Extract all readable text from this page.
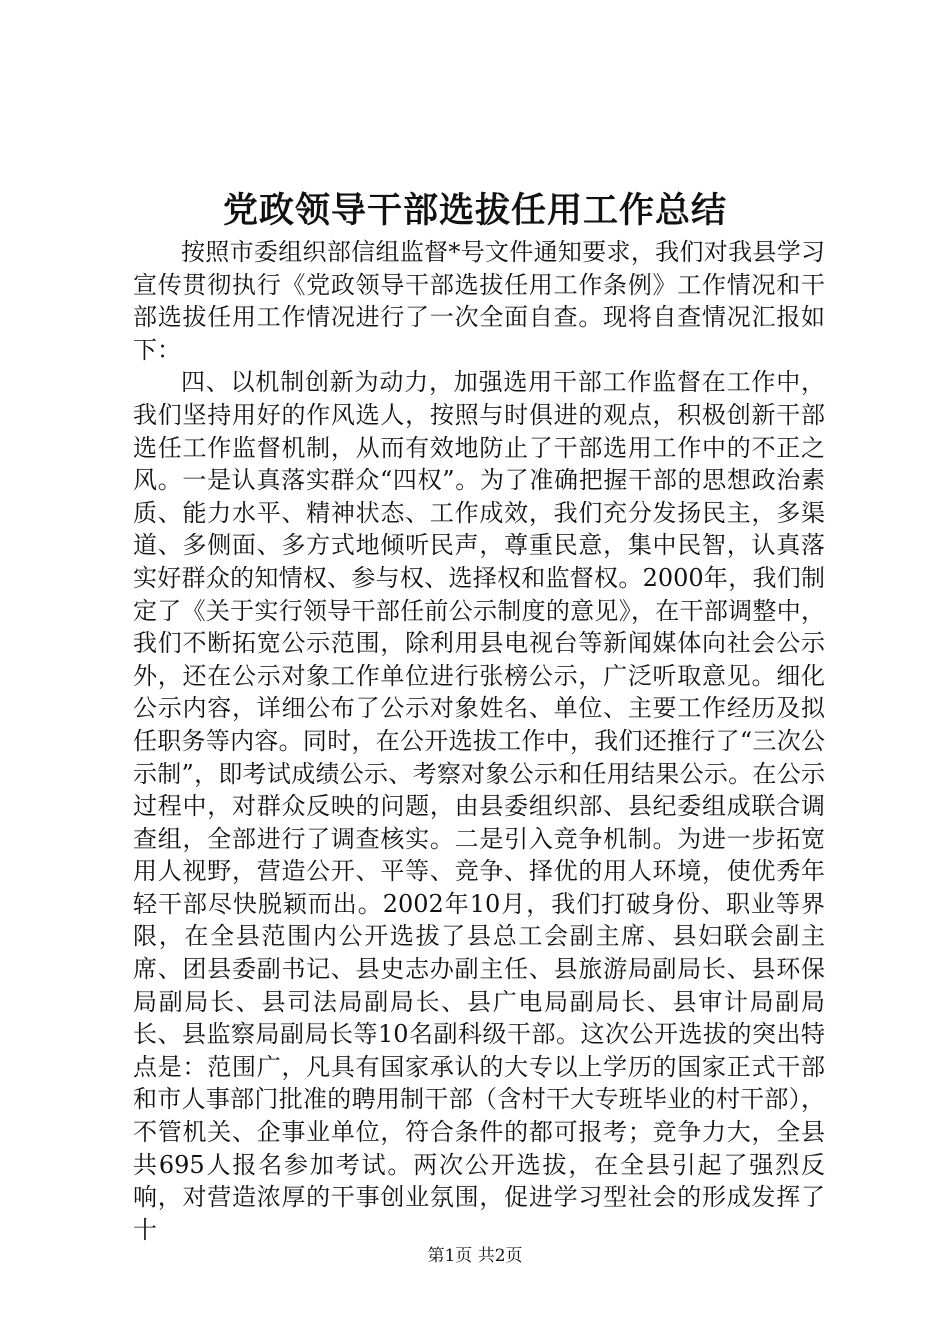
党政领导干部选拔任用工作总结

按照市委组织部信组监督*号文件通知要求，我们对我县学习宣传贯彻执行《党政领导干部选拔任用工作条例》工作情况和干部选拔任用工作情况进行了一次全面自查。现将自查情况汇报如下：

四、以机制创新为动力，加强选用干部工作监督在工作中，我们坚持用好的作风选人，按照与时俱进的观点，积极创新干部选任工作监督机制，从而有效地防止了干部选用工作中的不正之风。一是认真落实群众“四权”。为了准确把握干部的思想政治素质、能力水平、精神状态、工作成效，我们充分发扬民主，多渠道、多侧面、多方式地倾听民声，尊重民意，集中民智，认真落实好群众的知情权、参与权、选择权和监督权。2000年，我们制定了《关于实行领导干部任前公示制度的意见》，在干部调整中，我们不断拓宽公示范围，除利用县电视台等新闻媒体向社会公示外，还在公示对象工作单位进行张榜公示，广泛听取意见。细化公示内容，详细公布了公示对象姓名、单位、主要工作经历及拟任职务等内容。同时，在公开选拔工作中，我们还推行了“三次公示制”，即考试成绩公示、考察对象公示和任用结果公示。在公示过程中，对群众反映的问题，由县委组织部、县纪委组成联合调查组，全部进行了调查核实。二是引入竞争机制。为进一步拓宽用人视野，营造公开、平等、竞争、择优的用人环境，使优秀年轻干部尽快脱颖而出。2002年10月，我们打破身份、职业等界限，在全县范围内公开选拔了县总工会副主席、县妇联会副主席、团县委副书记、县史志办副主任、县旅游局副局长、县环保局副局长、县司法局副局长、县广电局副局长、县审计局副局长、县监察局副局长等10名副科级干部。这次公开选拔的突出特点是：范围广，凡具有国家承认的大专以上学历的国家正式干部和市人事部门批准的聘用制干部（含村干大专班毕业的村干部），不管机关、企事业单位，符合条件的都可报考；竞争力大，全县共695人报名参加考试。两次公开选拔，在全县引起了强烈反响，对营造浓厚的干事创业氛围，促进学习型社会的形成发挥了十

第1页 共2页
